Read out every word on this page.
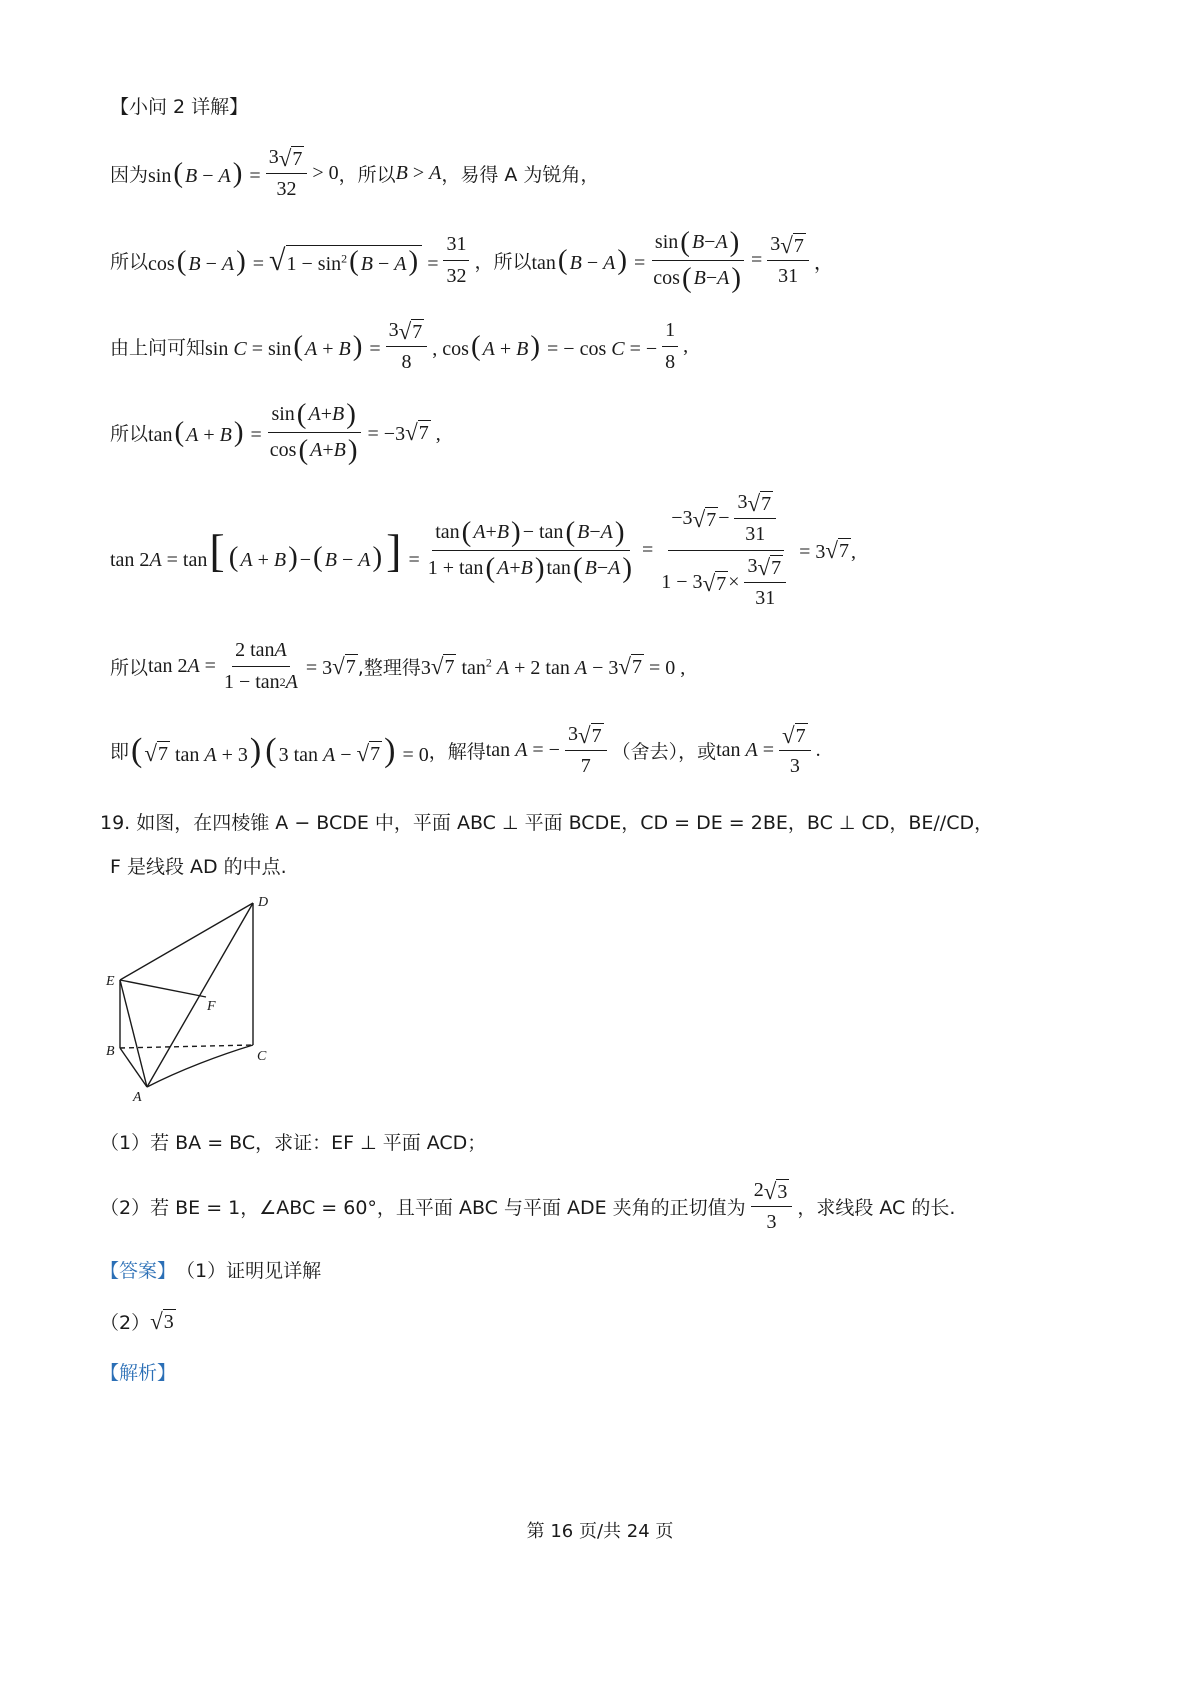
【小问 2 详解】
因为 sin( $B - A) = \frac{3 √ 7}{32} > 0$ ，所以 B > A ，易得 A 为锐角，
所以 cos( B − A) = √ $1 - \sin^2$( $B - A) = \frac{31}{32}$ ，所以 tan( $B - A) = \frac{\sin ( B - A )}{\cos ( B - A )} = \frac{3 √ 7}{31}$ ，
由上问可知 sin C = sin( $A + B) = \frac{3 √ 7}{8}$ , cos( A + B) = − cos C = − $\frac{1}{8}$ ,
所以 tan( $A + B) = \frac{\sin ( A + B )}{\cos ( A + B )} = -3$ √ 7 ,
tan 2A = tan[ ( A + B) −( $B - A)] = \frac{\tan ( A + B ) - \tan ( B - A )}{1 + \tan ( A + B ) \tan ( B - A )} = \frac{-3 √ 7 - \frac{3 √ 7}{31}}{1 - 3 √ 7 \times \frac{3 √ 7}{31}} = 3$ √ 7 ,
所以 $\tan 2A = \frac{\text{2 tan A}}{1 - \tan 2 A} = 3$ √ 7 ,整理得 3 √ 7 $\tan^2 A + 2$ tan A − 3 √ 7 = 0 ,
即 ( √ 7 tan A + 3) ( 3 tan A − √ 7 ) = 0 ，解得 tan A = − $\frac{3 √ 7}{7}$ （舍去），或 $\tan A = \frac{√ 7}{3}$ .
19. 如图，在四棱锥 A − BCDE 中，平面 ABC ⊥ 平面 BCDE，CD = DE = 2BE，BC ⊥ CD，BE//CD，
F 是线段 AD 的中点.
D
E
F
B	C
A
（1）若 BA = BC，求证：EF ⊥ 平面 ACD；
（2）若 BE = 1，∠ABC = 60°，且平面 ABC 与平面 ADE 夹角的正切值为 $\frac{2 √ 3}{3}$ ，求线段 AC 的长.
【答案】 （1）证明见详解
（2） √ 3
【解析】
第 16 页/共 24 页
